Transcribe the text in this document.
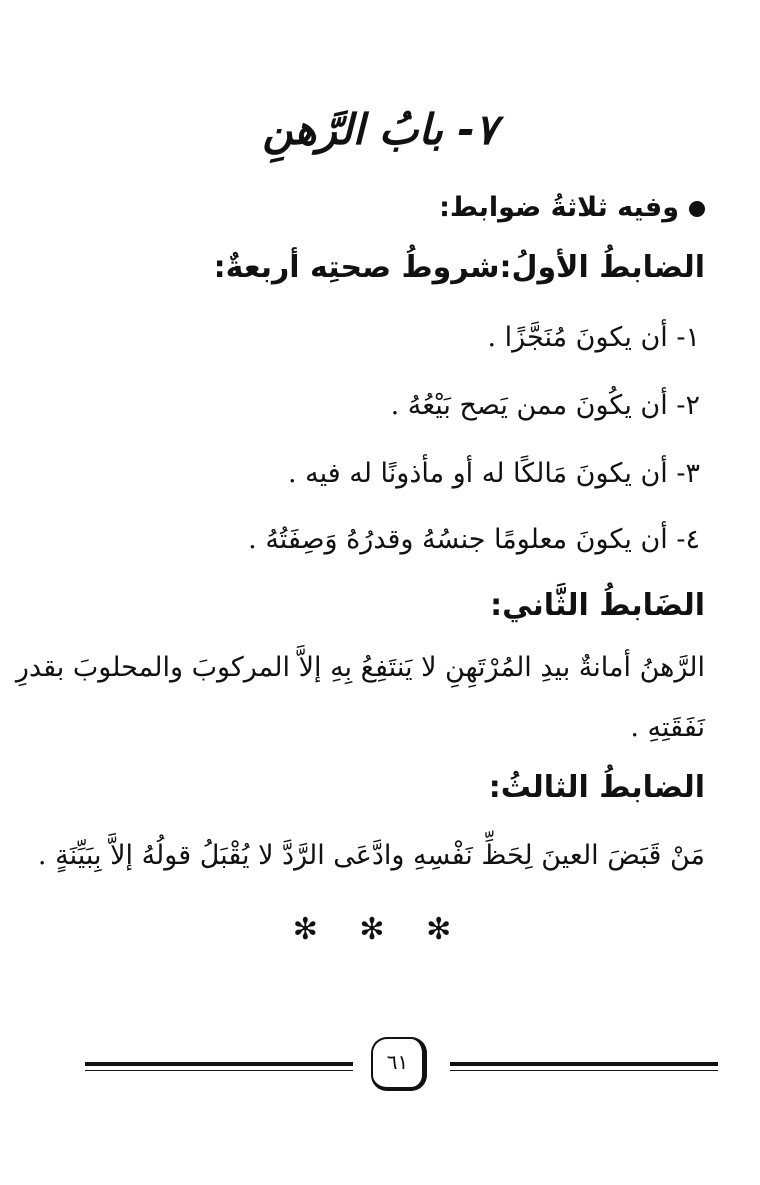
٧- بابُ الرَّهنِ
وفيه ثلاثةُ ضوابط:
الضابطُ الأولُ:شروطُ صحتِه أربعةٌ:
١- أن يكونَ مُنَجَّزًا .
٢- أن يكُونَ ممن يَصح بَيْعُهُ .
٣- أن يكونَ مَالكًا له أو مأذونًا له فيه .
٤- أن يكونَ معلومًا جنسُهُ وقدرُهُ وَصِفَتُهُ .
الضَابطُ الثَّاني:
الرَّهنُ أمانةٌ بيدِ المُرْتَهِنِ لا يَنتَفِعُ بِهِ إلاَّ المركوبَ والمحلوبَ بقدرِ
نَفَقَتِهِ .
الضابطُ الثالثُ:
مَنْ قَبَضَ العينَ لِحَظِّ نَفْسِهِ وادَّعَى الرَّدَّ لا يُقْبَلُ قولُهُ إلاَّ بِبَيِّنَةٍ .
✻ ✻ ✻
٦١
